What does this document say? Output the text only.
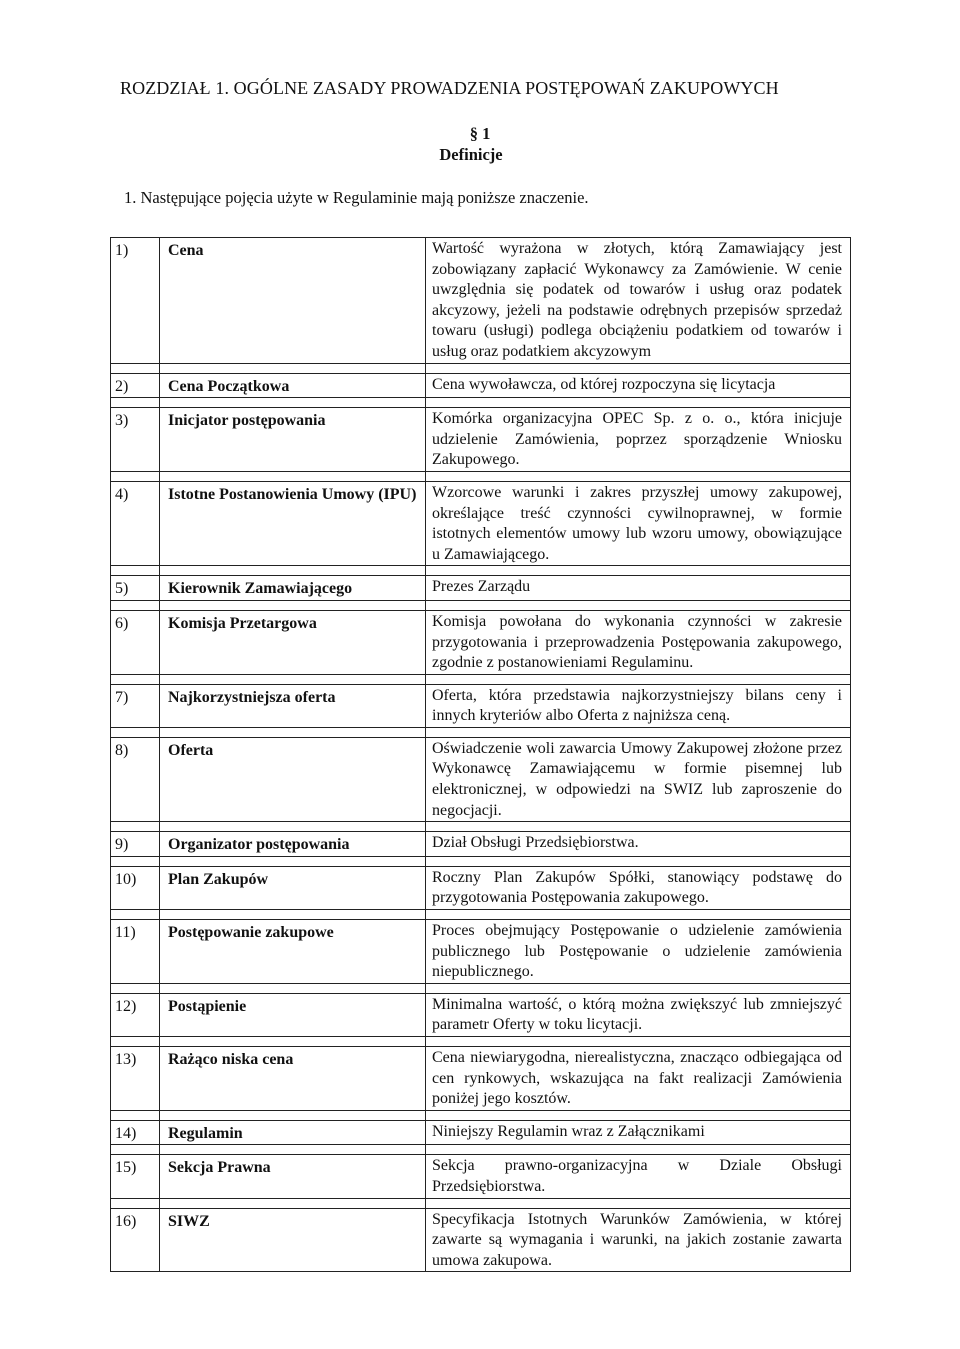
ROZDZIAŁ 1. OGÓLNE ZASADY PROWADZENIA POSTĘPOWAŃ ZAKUPOWYCH
§ 1
Definicje
1. Następujące pojęcia użyte w Regulaminie mają poniższe znaczenie.
1)	Cena	Wartość wyrażona w złotych, którą Zamawiający jest zobowiązany zapłacić Wykonawcy za Zamówienie. W cenie uwzględnia się podatek od towarów i usług oraz podatek akcyzowy, jeżeli na podstawie odrębnych przepisów sprzedaż towaru (usługi) podlega obciążeniu podatkiem od towarów i usług oraz podatkiem akcyzowym

2)	Cena Początkowa	Cena wywoławcza, od której rozpoczyna się licytacja

3)	Inicjator postępowania	Komórka organizacyjna OPEC Sp. z o. o., która inicjuje udzielenie Zamówienia, poprzez sporządzenie Wniosku Zakupowego.

4)	Istotne Postanowienia Umowy (IPU)	Wzorcowe warunki i zakres przyszłej umowy zakupowej, określające treść czynności cywilnoprawnej, w formie istotnych elementów umowy lub wzoru umowy, obowiązujące u Zamawiającego.

5)	Kierownik Zamawiającego	Prezes Zarządu

6)	Komisja Przetargowa	Komisja powołana do wykonania czynności w zakresie przygotowania i przeprowadzenia Postępowania zakupowego, zgodnie z postanowieniami Regulaminu.

7)	Najkorzystniejsza oferta	Oferta, która przedstawia najkorzystniejszy bilans ceny i innych kryteriów albo Oferta z najniższa ceną.

8)	Oferta	Oświadczenie woli zawarcia Umowy Zakupowej złożone przez Wykonawcę Zamawiającemu w formie pisemnej lub elektronicznej, w odpowiedzi na SWIZ lub zaproszenie do negocjacji.

9)	Organizator postępowania	Dział Obsługi Przedsiębiorstwa.

10)	Plan Zakupów	Roczny Plan Zakupów Spółki, stanowiący podstawę do przygotowania Postępowania zakupowego.

11)	Postępowanie zakupowe	Proces obejmujący Postępowanie o udzielenie zamówienia publicznego lub Postępowanie o udzielenie zamówienia niepublicznego.

12)	Postąpienie	Minimalna wartość, o którą można zwiększyć lub zmniejszyć parametr Oferty w toku licytacji.

13)	Rażąco niska cena	Cena niewiarygodna, nierealistyczna, znacząco odbiegająca od cen rynkowych, wskazująca na fakt realizacji Zamówienia poniżej jego kosztów.

14)	Regulamin	Niniejszy Regulamin wraz z Załącznikami

15)	Sekcja Prawna	Sekcja prawno-organizacyjna w Dziale Obsługi Przedsiębiorstwa.

16)	SIWZ	Specyfikacja Istotnych Warunków Zamówienia, w której zawarte są wymagania i warunki, na jakich zostanie zawarta umowa zakupowa.
